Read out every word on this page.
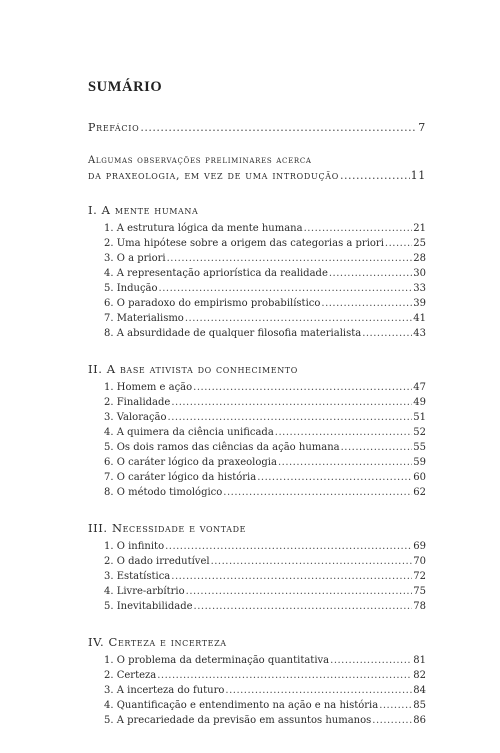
SUMÁRIO
Prefácio .....	7
Algumas observações preliminares acerca
da praxeologia, em vez de uma introdução .....	11
I. A mente humana
1. A estrutura lógica da mente humana .....	21
2. Uma hipótese sobre a origem das categorias a priori .....	25
3. O a priori .....	28
4. A representação apriorística da realidade .....	30
5. Indução .....	33
6. O paradoxo do empirismo probabilístico .....	39
7. Materialismo .....	41
8. A absurdidade de qualquer filosofia materialista .....	43
II. A base ativista do conhecimento
1. Homem e ação .....	47
2. Finalidade .....	49
3. Valoração .....	51
4. A quimera da ciência unificada .....	52
5. Os dois ramos das ciências da ação humana .....	55
6. O caráter lógico da praxeologia .....	59
7. O caráter lógico da história .....	60
8. O método timológico .....	62
III. Necessidade e vontade
1. O infinito .....	69
2. O dado irredutível .....	70
3. Estatística .....	72
4. Livre-arbítrio .....	75
5. Inevitabilidade .....	78
IV. Certeza e incerteza
1. O problema da determinação quantitativa .....	81
2. Certeza .....	82
3. A incerteza do futuro .....	84
4. Quantificação e entendimento na ação e na história .....	85
5. A precariedade da previsão em assuntos humanos .....	86
